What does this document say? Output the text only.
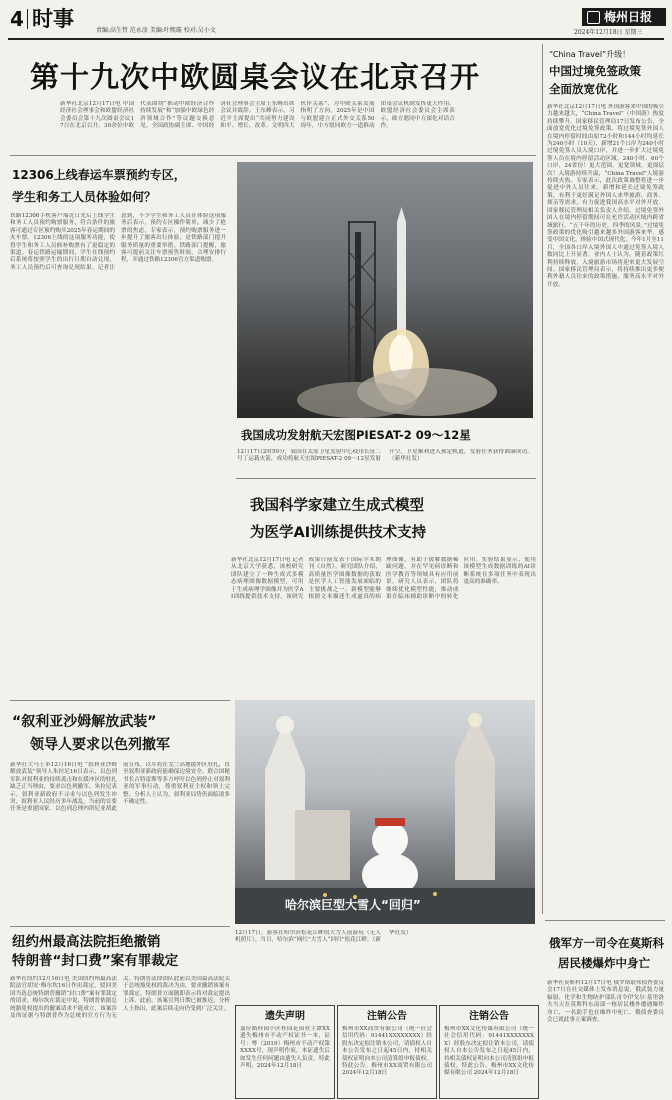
4 时事	责编:高生哲 范永淦 美编:叶熙璇 校对:吴小文
梅州日报
2024年12月18日 星期三
第十九次中欧圆桌会议在北京召开
新华社北京12月17日电 中国经济社会理事会和欧盟经济社会委员会第十九次圆桌会议17日在北京召开。30余位中欧代表围绕“推动中欧经济合作持续发展”和“加强中欧绿色经济领域合作”等议题交换意见。全国政协副主席、中国经济社会理事会主席王东峰出席会议并致辞。王东峰表示，习近平主席提出“共同努力建设和平、增长、改革、文明四大伙伴关系”，为中欧关系发展指明了方向。2025年是中国与欧盟建立正式外交关系50周年，中方愿同欧方一道推动团桌会议机制发挥更大作用。欧盟经济社会委员会主席表示，欧方愿同中方深化对话合作。
12306上线春运车票预约专区，
学生和务工人员体验如何？
铁路12306手机客户端近日先后上线学生和务工人员预约购票服务，符合条件的旅客可通过专区预约购买2025年春运期间的火车票。12306上线的这项服务功能，使得学生和务工人员候补购票有了更稳定的渠道。春运铁路运输期间，学生在线预约后系统将按照学生的出行日期自动兑现，务工人员预约后可查询兑现结果。记者注意到，不少学生和务工人员在体验这项服务后表示，预约专区操作简单，减少了抢票的焦虑。专家表示，预约购票服务进一步提升了旅客出行体验，是铁路部门提升服务质量的重要举措。铁路部门提醒，旅客可提前关注车票预售时间，合理安排行程，并通过铁路12306官方渠道购票。
我国成功发射航天宏图PIESAT-2 09～12星
12月17日2时50分，我国在太原卫星发射中心使用长征二号丁运载火箭，成功将航天宏图PIESAT-2 09～12星发射升空，卫星顺利进入预定轨道，发射任务获得圆满成功。（新华社发）
我国科学家建立生成式模型
为医学AI训练提供技术支持
新华社北京12月17日电 记者从北京大学获悉，该校研究团队建立了一种生成式多模态病理图像数据模型，可用于生成病理学图像并为医学AI训练提供技术支持。该研究成果日前发表于国际学术期刊《自然》。研究团队介绍，高质量医学图像数据的获取是医学人工智能发展面临的主要挑战之一。新模型能够根据文本描述生成逼真的病理图像，有助于缓解数据稀缺问题，并在罕见病诊断和医学教育等领域具有应用前景。研究人员表示，团队将继续优化模型性能，推动成果在临床辅助诊断中的转化应用。实验结果显示，使用该模型生成数据训练的AI诊断系统在多项任务中表现出更高的准确率。
哈尔滨巨型大雪人“回归”
12月17日，游客在哈尔滨松花江畔的大雪人前游玩（无人机照片）。当日，哈尔滨“网红”大雪人“回归”松花江畔。（新华社发）
“叙利亚沙姆解放武装”
领导人要求以色列撤军
新华社大马士革12月16日电 “叙利亚沙姆解放武装”领导人朱拉尼16日表示，以色列军队对叙利亚的持续袭击和在缓冲区的驻扎缺乏正当理由，要求以色列撤军。朱拉尼表示，叙利亚新政府不寻求与以色列发生冲突，叙利亚人民经历多年战乱，当前的首要任务是重建国家。以色列总理内塔尼亚胡此前宣布，以军将在戈兰高地缓冲区驻扎，直至叙利亚新政府能确保边境安全。联合国秘书长古特雷斯等多方呼吁以色列停止对叙利亚的军事行动，尊重叙利亚主权和领土完整。分析人士认为，叙利亚局势仍面临诸多不确定性。
纽约州最高法院拒绝撤销
特朗普“封口费”案有罪裁定
新华社纽约12月16日电 美国纽约州最高法院法官胡安·梅尔坎16日作出裁定，驳回美国当选总统特朗普撤销“封口费”案有罪裁定的请求。梅尔坎在裁定中说，特朗普依据总统豁免权提出的撤案请求不能成立，该案涉及的证据与特朗普作为总统的官方行为无关。特朗普法律团队此前以美国最高法院关于总统豁免权的裁决为由，要求撤销该案有罪裁定。特朗普方面随即表示将对裁定提出上诉。此前，该案宣判日期已被推迟。分析人士指出，此案后续走向仍受到广泛关注。
“China Travel”升级！
中国过境免签政策
全面放宽优化
新华社北京12月17日电 外国游客来中国的吸引力越来越大，“China Travel”（中国游）热度持续攀升。国家移民管理局17日发布公告，全面放宽优化过境免签政策，将过境免签外国人在境内停留时间由原72小时和144小时均延长为240小时（10天），新增21个口岸为240小时过境免签人员入境口岸，并进一步扩大过境免签人员在境内停留活动区域。240小时、60个口岸、24省份！更大范围、更宽领域、更深层次！入境游持续升温，“China Travel”人境游持续火热。专家表示，此次政策调整将进一步促进中外人员往来。新增和延长过境免签政策，有利于更好满足外国人来华旅游、商务、探亲等需求，有力促进我国高水平对外开放。国家移民管理局相关负责人介绍，过境免签外国人在境内停留期间可在允许活动区域内跨省域旅行。“五千年的历史，四季的风景。”过境免签政策的优化吸引越来越多外国游客来华，感受中国文化、体验中国式现代化。今年1月至11月，全国各口岸入境外国人中通过免签入境人数同比上升显著。业内人士认为，随着政策红利持续释放，入境旅游市场将迎来更大发展空间。国家移民管理局表示，将持续推出更多便利外籍人员往来的政策措施，服务高水平对外开放。
俄军方一司令在莫斯科
居民楼爆炸中身亡
新华社莫斯科12月17日电 俄罗斯联邦侦查委员会17日在社交媒体上发布消息说，俄武装力量辐射、化学和生物防护部队司令伊戈尔·基里洛夫当天在莫斯科东南部一栋居民楼外遭遇爆炸身亡，一名助手也在爆炸中死亡。俄侦查委员会已就此事立案调查。
遗失声明
嘉应路桂园小区桂园花园业主谭XX遗失梅州市不动产权证书一本，证号：粤（2019）梅州市不动产权第XXXX号，现声明作废。本证遗失后如发生任何问题由遗失人负责，特此声明。2024年12月18日
注销公告
梅州市XX商贸有限公司（统一社会信用代码：91441XXXXXXXX）经股东决定拟注销本公司，请债权人自本公告发布之日起45日内，持相关债权证明向本公司清算组申报债权。特此公告。梅州市XX商贸有限公司 2024年12月18日
注销公告
梅州市XX文化传媒有限公司（统一社会信用代码：91441XXXXXXXX）经股东决定拟注销本公司，请债权人自本公告发布之日起45日内，持相关债权证明向本公司清算组申报债权。特此公告。梅州市XX文化传媒有限公司 2024年12月18日
